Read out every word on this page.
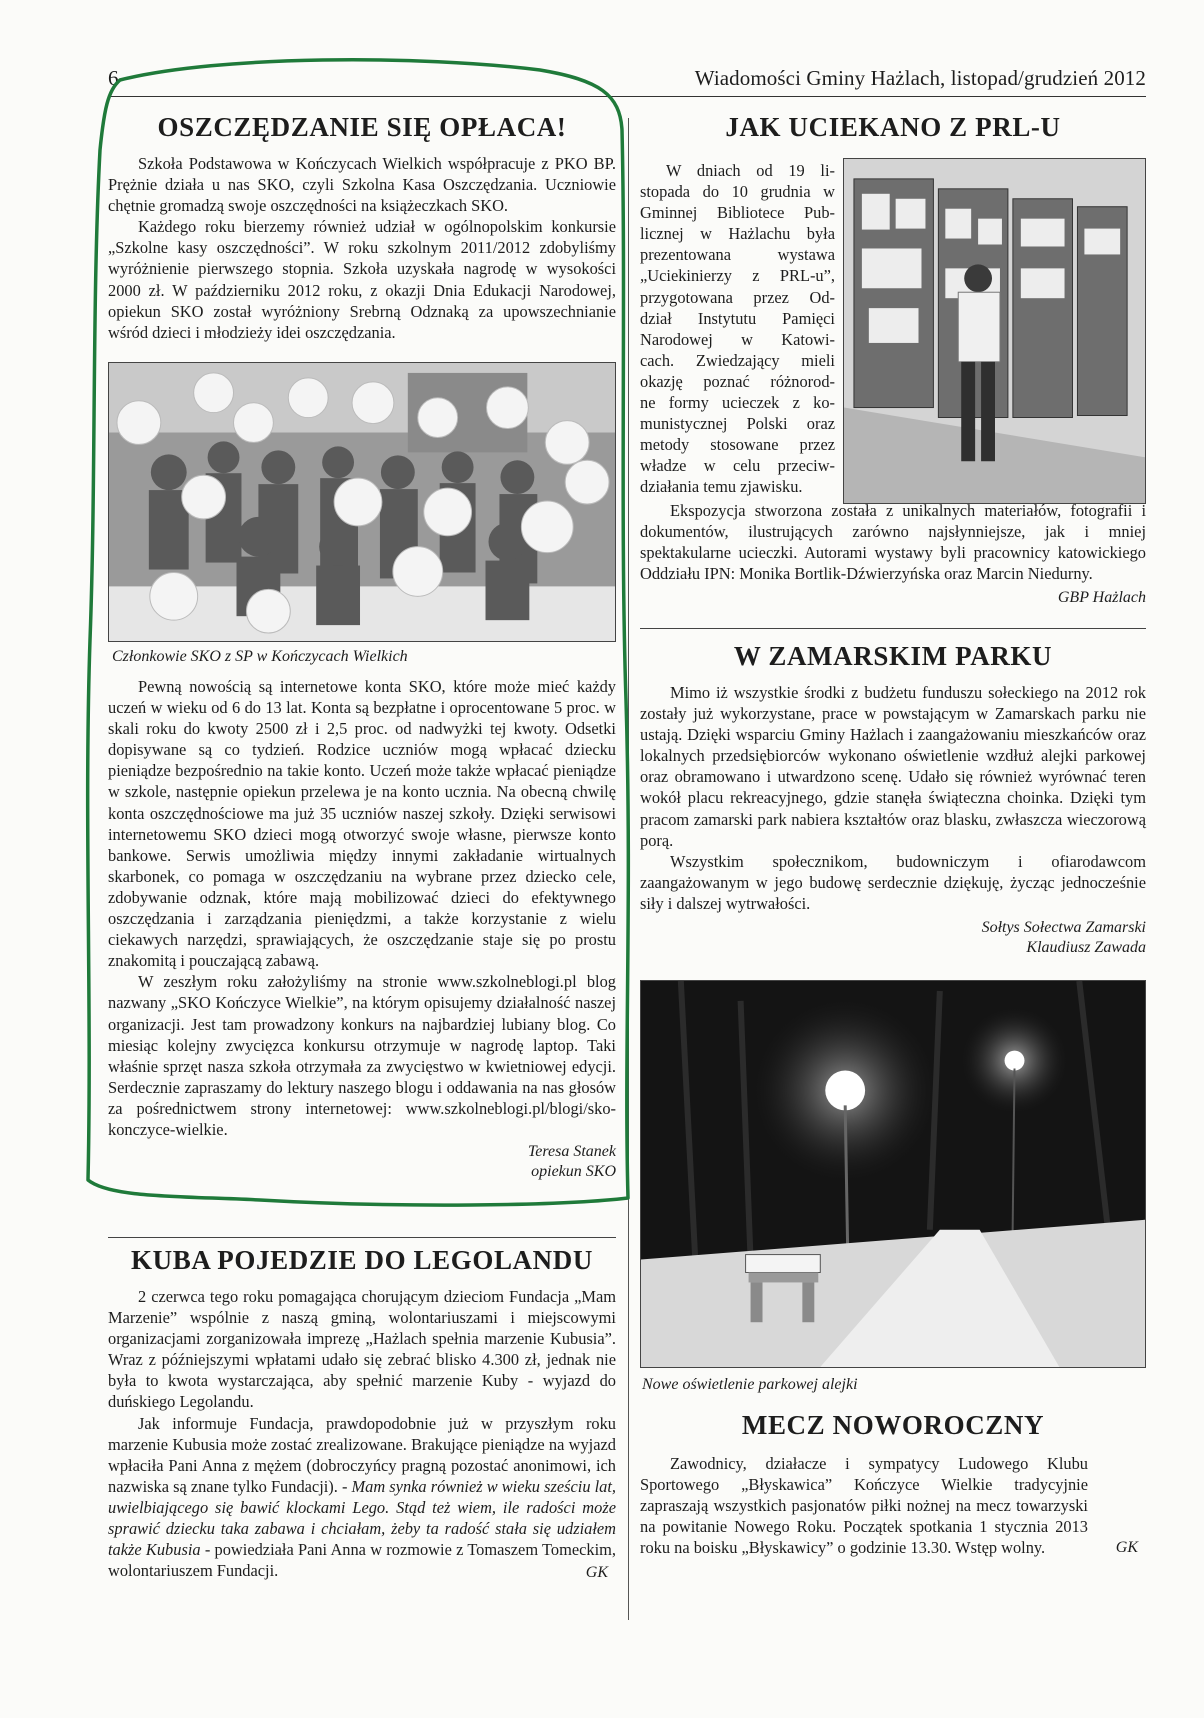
6	Wiadomości Gminy Hażlach, listopad/grudzień 2012
OSZCZĘDZANIE SIĘ OPŁACA!

Szkoła Podstawowa w Kończycach Wielkich współpracuje z PKO BP. Prężnie działa u nas SKO, czyli Szkolna Kasa Oszczędzania. Uczniowie chętnie gromadzą swoje oszczędności na książeczkach SKO.

Każdego roku bierzemy również udział w ogólnopolskim konkursie „Szkolne kasy oszczędności”. W roku szkolnym 2011/2012 zdobyliśmy wyróżnienie pierwszego stopnia. Szkoła uzyskała nagrodę w wysokości 2000 zł. W październiku 2012 roku, z okazji Dnia Edukacji Narodowej, opiekun SKO został wyróżniony Srebrną Odznaką za upowszechnianie wśród dzieci i młodzieży idei oszczędzania.

Członkowie SKO z SP w Kończycach Wielkich

Pewną nowością są internetowe konta SKO, które może mieć każdy uczeń w wieku od 6 do 13 lat. Konta są bezpłatne i oprocentowane 5 proc. w skali roku do kwoty 2500 zł i 2,5 proc. od nadwyżki tej kwoty. Odsetki dopisywane są co tydzień. Rodzice uczniów mogą wpłacać dziecku pieniądze bezpośrednio na takie konto. Uczeń może także wpłacać pieniądze w szkole, następnie opiekun przelewa je na konto ucznia. Na obecną chwilę konta oszczędnościowe ma już 35 uczniów naszej szkoły. Dzięki serwisowi internetowemu SKO dzieci mogą otworzyć swoje własne, pierwsze konto bankowe. Serwis umożliwia między innymi zakładanie wirtualnych skarbonek, co pomaga w oszczędzaniu na wybrane przez dziecko cele, zdobywanie odznak, które mają mobilizować dzieci do efektywnego oszczędzania i zarządzania pieniędzmi, a także korzystanie z wielu ciekawych narzędzi, sprawiających, że oszczędzanie staje się po prostu znakomitą i pouczającą zabawą.

W zeszłym roku założyliśmy na stronie www.szkolneblogi.pl blog nazwany „SKO Kończyce Wielkie”, na którym opisujemy działalność naszej organizacji. Jest tam prowadzony konkurs na najbardziej lubiany blog. Co miesiąc kolejny zwycięzca konkursu otrzymuje w nagrodę laptop. Taki właśnie sprzęt nasza szkoła otrzymała za zwycięstwo w kwietniowej edycji. Serdecznie zapraszamy do lektury naszego blogu i oddawania na nas głosów za pośrednictwem strony internetowej: www.szkolneblogi.pl/blogi/sko-konczyce-wielkie.

Teresa Stanek
opiekun SKO
KUBA POJEDZIE DO LEGOLANDU

2 czerwca tego roku pomagająca chorującym dzieciom Fundacja „Mam Marzenie” wspólnie z naszą gminą, wolontariuszami i miejscowymi organizacjami zorganizowała imprezę „Hażlach spełnia marzenie Kubusia”. Wraz z późniejszymi wpłatami udało się zebrać blisko 4.300 zł, jednak nie była to kwota wystarczająca, aby spełnić marzenie Kuby - wyjazd do duńskiego Legolandu.

Jak informuje Fundacja, prawdopodobnie już w przyszłym roku marzenie Kubusia może zostać zrealizowane. Brakujące pieniądze na wyjazd wpłaciła Pani Anna z mężem (dobroczyńcy pragną pozostać anonimowi, ich nazwiska są znane tylko Fundacji). - Mam synka również w wieku sześciu lat, uwielbiającego się bawić klockami Lego. Stąd też wiem, ile radości może sprawić dziecku taka zabawa i chciałam, żeby ta radość stała się udziałem także Kubusia - powiedziała Pani Anna w rozmowie z Tomaszem Tomeckim, wolontariuszem Fundacji.	GK
JAK UCIEKANO Z PRL-U
W dniach od 19 li-
stopada do 10 grudnia w
Gminnej Bibliotece Pub-
licznej w Hażlachu była
prezentowana wystawa
„Uciekinierzy z PRL-u”,
przygotowana przez Od-
dział Instytutu Pamięci
Narodowej w Katowi-
cach. Zwiedzający mieli
okazję poznać różnorod-
ne formy ucieczek z ko-
munistycznej Polski oraz
metody stosowane przez
władze w celu przeciw-
działania temu zjawisku.

Ekspozycja stworzona została z unikalnych materiałów, fotografii i dokumentów, ilustrujących zarówno najsłynniejsze, jak i mniej spektakularne ucieczki. Autorami wystawy byli pracownicy katowickiego Oddziału IPN: Monika Bortlik-Dźwierzyńska oraz Marcin Niedurny.

GBP Hażlach
W ZAMARSKIM PARKU

Mimo iż wszystkie środki z budżetu funduszu sołeckiego na 2012 rok zostały już wykorzystane, prace w powstającym w Zamarskach parku nie ustają. Dzięki wsparciu Gminy Hażlach i zaangażowaniu mieszkańców oraz lokalnych przedsiębiorców wykonano oświetlenie wzdłuż alejki parkowej oraz obramowano i utwardzono scenę. Udało się również wyrównać teren wokół placu rekreacyjnego, gdzie stanęła świąteczna choinka. Dzięki tym pracom zamarski park nabiera kształtów oraz blasku, zwłaszcza wieczorową porą.

Wszystkim społecznikom, budowniczym i ofiarodawcom zaangażowanym w jego budowę serdecznie dziękuję, życząc jednocześnie siły i dalszej wytrwałości.

Sołtys Sołectwa Zamarski
Klaudiusz Zawada
Nowe oświetlenie parkowej alejki
MECZ NOWOROCZNY

Zawodnicy, działacze i sympatycy Ludowego Klubu Sportowego „Błyskawica” Kończyce Wielkie tradycyjnie zapraszają wszystkich pasjonatów piłki nożnej na mecz towarzyski na powitanie Nowego Roku. Początek spotkania 1 stycznia 2013 roku na boisku „Błyskawicy” o godzinie 13.30. Wstęp wolny.	GK
